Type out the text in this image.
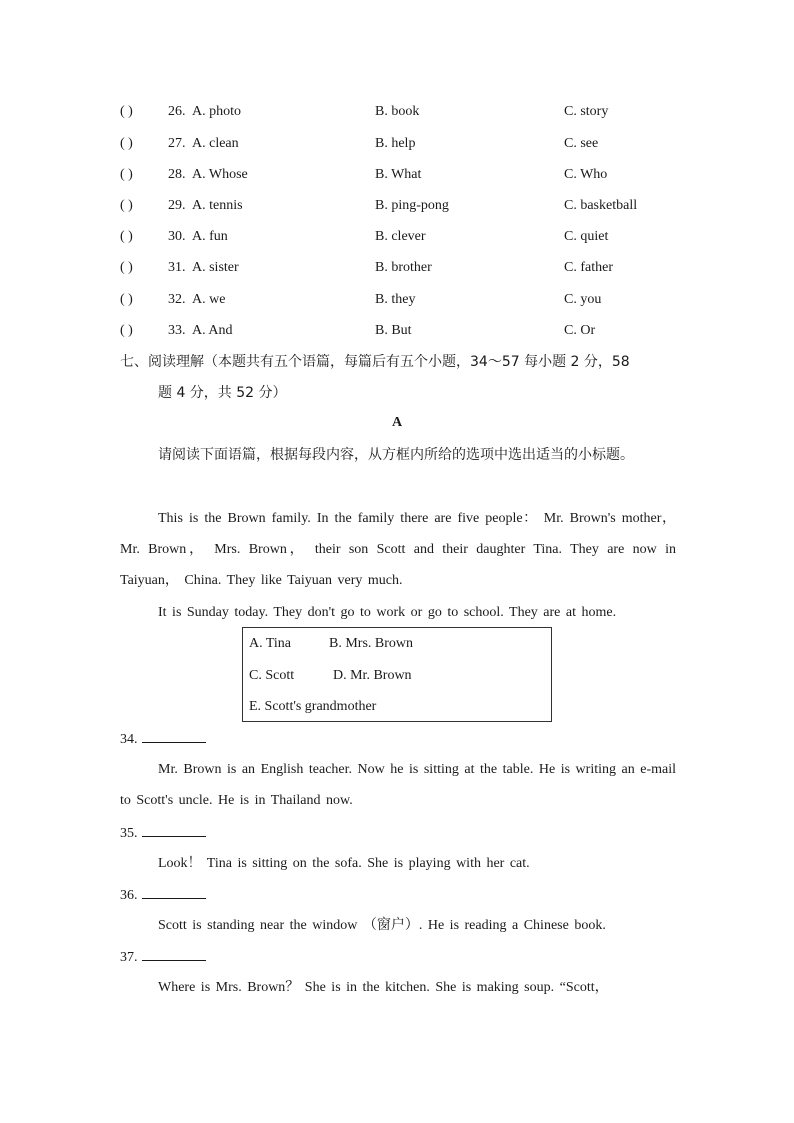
( )	26. A. photo	B. book	C. story
( )	27. A. clean	B. help	C. see
( )	28. A. Whose	B. What	C. Who
( )	29. A. tennis	B. ping-pong	C. basketball
( )	30. A. fun	B. clever	C. quiet
( )	31. A. sister	B. brother	C. father
( )	32. A. we	B. they	C. you
( )	33. A. And	B. But	C. Or
七、阅读理解（本题共有五个语篇，每篇后有五个小题，34～57 每小题 2 分，58
题 4 分，共 52 分）
A
请阅读下面语篇，根据每段内容，从方框内所给的选项中选出适当的小标题。
This is the Brown family. In the family there are five people： Mr. Brown's mother， Mr. Brown， Mrs. Brown， their son Scott and their daughter Tina. They are now in Taiyuan， China. They like Taiyuan very much.
It is Sunday today. They don't go to work or go to school. They are at home.
A. Tina	B. Mrs. Brown
C. Scott	D. Mr. Brown
E. Scott's grandmother
34.
Mr. Brown is an English teacher. Now he is sitting at the table. He is writing an e-mail to Scott's uncle. He is in Thailand now.
35.
Look！ Tina is sitting on the sofa. She is playing with her cat.
36.
Scott is standing near the window （窗户）. He is reading a Chinese book.
37.
Where is Mrs. Brown？ She is in the kitchen. She is making soup. “Scott，
